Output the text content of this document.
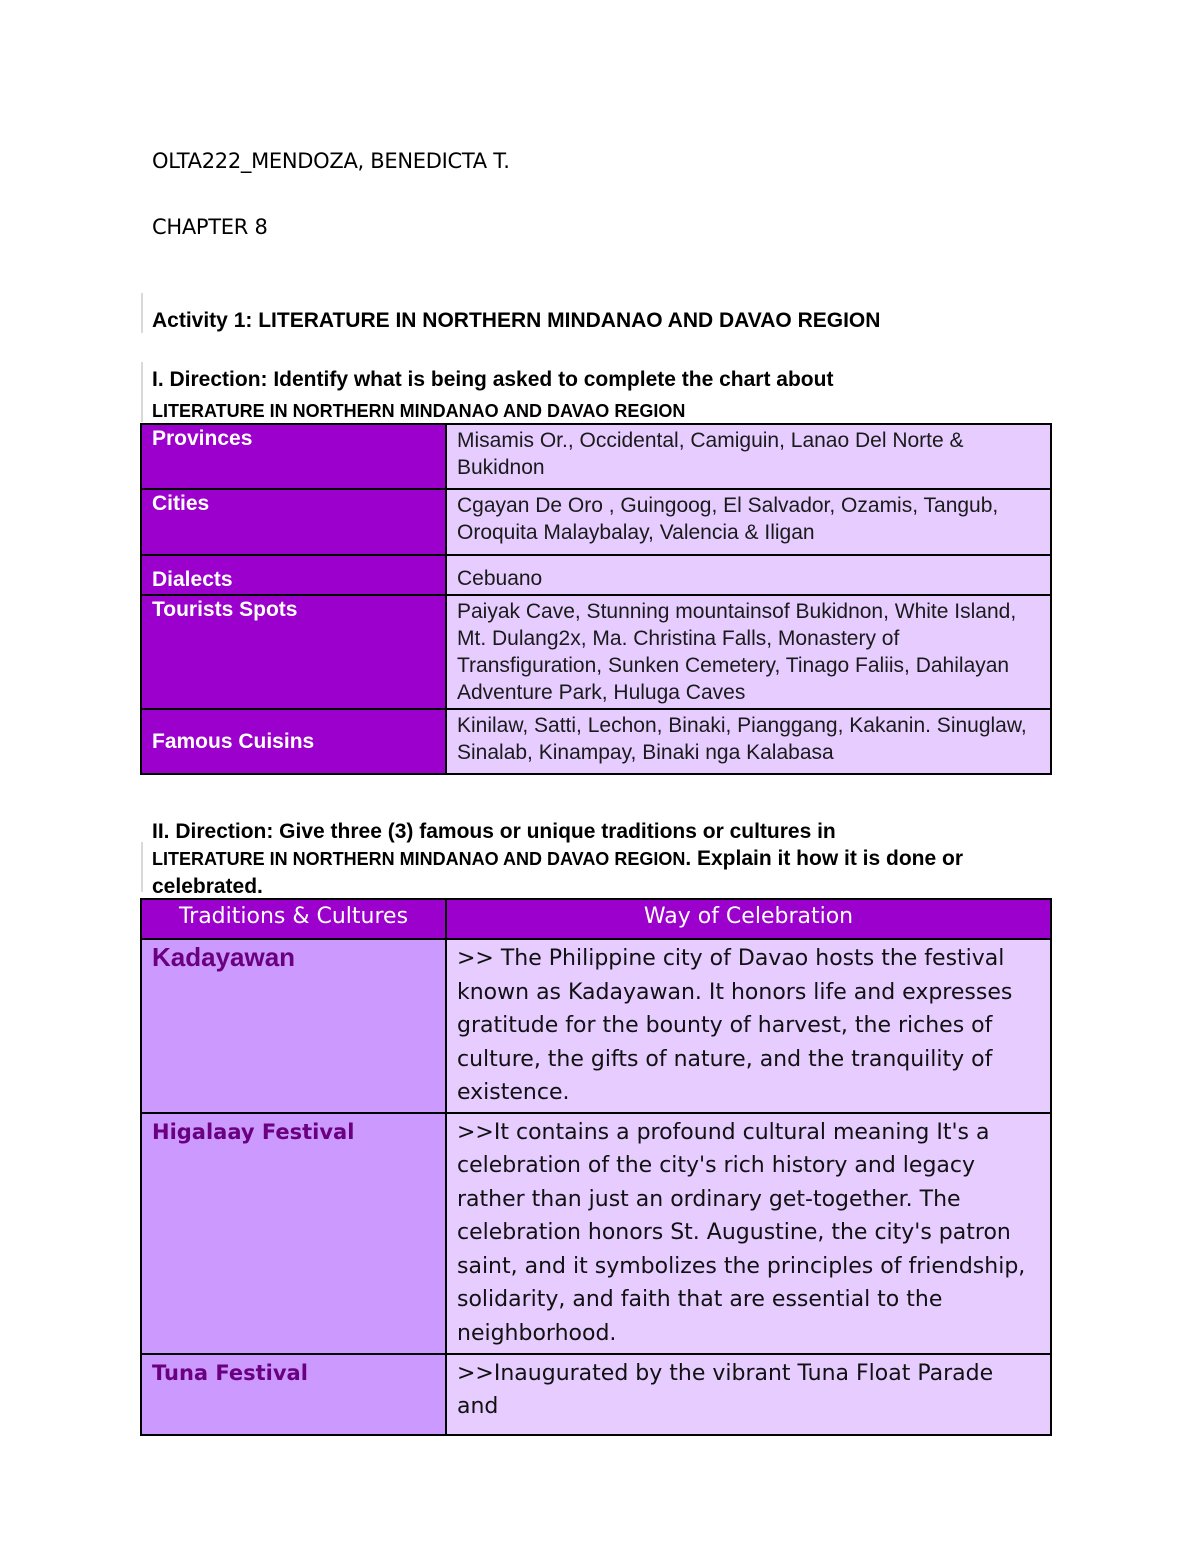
OLTA222_MENDOZA, BENEDICTA T.
CHAPTER 8
Activity 1: LITERATURE IN NORTHERN MINDANAO AND DAVAO REGION
I. Direction: Identify what is being asked to complete the chart about
LITERATURE IN NORTHERN MINDANAO AND DAVAO REGION
Provinces	Misamis Or., Occidental, Camiguin, Lanao Del Norte & Bukidnon
Cities	Cgayan De Oro , Guingoog, El Salvador, Ozamis, Tangub, Oroquita Malaybalay, Valencia & Iligan
Dialects	Cebuano
Tourists Spots	Paiyak Cave, Stunning mountainsof Bukidnon, White Island, Mt. Dulang2x, Ma. Christina Falls, Monastery of Transfiguration, Sunken Cemetery, Tinago Faliis, Dahilayan Adventure Park, Huluga Caves
Famous Cuisins	Kinilaw, Satti, Lechon, Binaki, Pianggang, Kakanin. Sinuglaw, Sinalab, Kinampay, Binaki nga Kalabasa
II. Direction: Give three (3) famous or unique traditions or cultures in
LITERATURE IN NORTHERN MINDANAO AND DAVAO REGION. Explain it how it is done or celebrated.
Traditions & Cultures	Way of Celebration
Kadayawan	>> The Philippine city of Davao hosts the festival known as Kadayawan. It honors life and expresses gratitude for the bounty of harvest, the riches of culture, the gifts of nature, and the tranquility of existence.
Higalaay Festival	>>It contains a profound cultural meaning It's a celebration of the city's rich history and legacy rather than just an ordinary get-together. The celebration honors St. Augustine, the city's patron saint, and it symbolizes the principles of friendship, solidarity, and faith that are essential to the neighborhood.
Tuna Festival	>>Inaugurated by the vibrant Tuna Float Parade and
